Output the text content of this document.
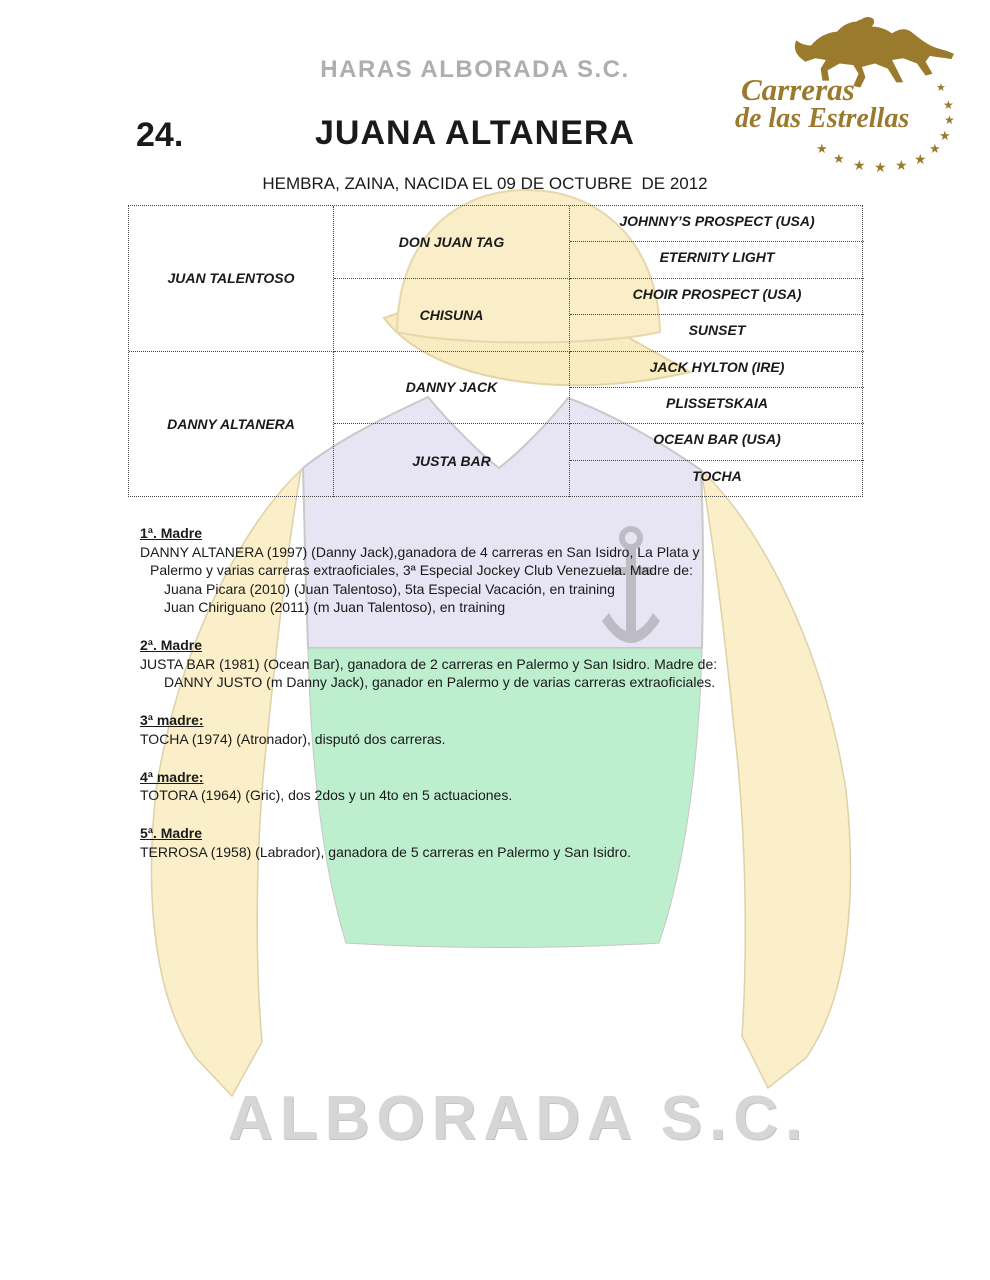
ALBORADA S.C.
HARAS ALBORADA S.C.
Carreras
de las Estrellas
★
★
★
★
★
★
★
★
★
★
★
★
24.	JUANA ALTANERA
HEMBRA, ZAINA, NACIDA EL 09 DE OCTUBRE  DE 2012
JUAN TALENTOSO
DANNY ALTANERA
DON JUAN TAG
CHISUNA
DANNY JACK
JUSTA BAR
JOHNNY’S PROSPECT (USA)
ETERNITY LIGHT
CHOIR PROSPECT (USA)
SUNSET
JACK HYLTON (IRE)
PLISSETSKAIA
OCEAN BAR (USA)
TOCHA
1ª. Madre
DANNY ALTANERA (1997) (Danny Jack),ganadora de 4 carreras en San Isidro, La Plata y
Palermo y varias carreras extraoficiales, 3ª Especial Jockey Club Venezuela. Madre de:
Juana Picara (2010) (Juan Talentoso), 5ta Especial Vacación, en training
Juan Chiriguano (2011) (m Juan Talentoso), en training
2ª. Madre
JUSTA BAR (1981) (Ocean Bar), ganadora de 2 carreras en Palermo y San Isidro. Madre de:
DANNY JUSTO (m Danny Jack), ganador en Palermo y de varias carreras extraoficiales.
3ª madre:
TOCHA (1974) (Atronador), disputó dos carreras.
4ª madre:
TOTORA (1964) (Gric), dos 2dos y un 4to en 5 actuaciones.
5ª. Madre
TERROSA (1958) (Labrador), ganadora de 5 carreras en Palermo y San Isidro.
